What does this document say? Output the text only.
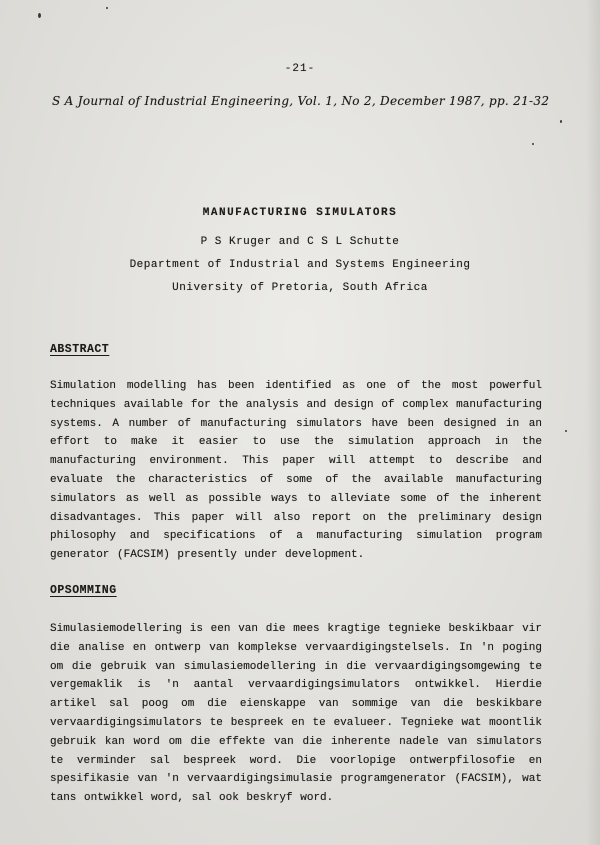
-21-
S A Journal of Industrial Engineering, Vol. 1, No 2, December 1987, pp. 21-32
MANUFACTURING SIMULATORS
P S Kruger and C S L Schutte
Department of Industrial and Systems Engineering
University of Pretoria, South Africa
ABSTRACT
Simulation modelling has been identified as one of the most powerful techniques available for the analysis and design of complex manufacturing systems. A number of manufacturing simulators have been designed in an effort to make it easier to use the simulation approach in the manufacturing environment. This paper will attempt to describe and evaluate the characteristics of some of the available manufacturing simulators as well as possible ways to alleviate some of the inherent disadvantages. This paper will also report on the preliminary design philosophy and specifications of a manufacturing simulation program generator (FACSIM) presently under development.
OPSOMMING
Simulasiemodellering is een van die mees kragtige tegnieke beskikbaar vir die analise en ontwerp van komplekse vervaardigingstelsels. In 'n poging om die gebruik van simulasiemodellering in die vervaardigingsomgewing te vergemaklik is 'n aantal vervaardigingsimulators ontwikkel. Hierdie artikel sal poog om die eienskappe van sommige van die beskikbare vervaardigingsimulators te bespreek en te evalueer. Tegnieke wat moontlik gebruik kan word om die effekte van die inherente nadele van simulators te verminder sal bespreek word. Die voorlopige ontwerpfilosofie en spesifikasie van 'n vervaardigingsimulasie programgenerator (FACSIM), wat tans ontwikkel word, sal ook beskryf word.
